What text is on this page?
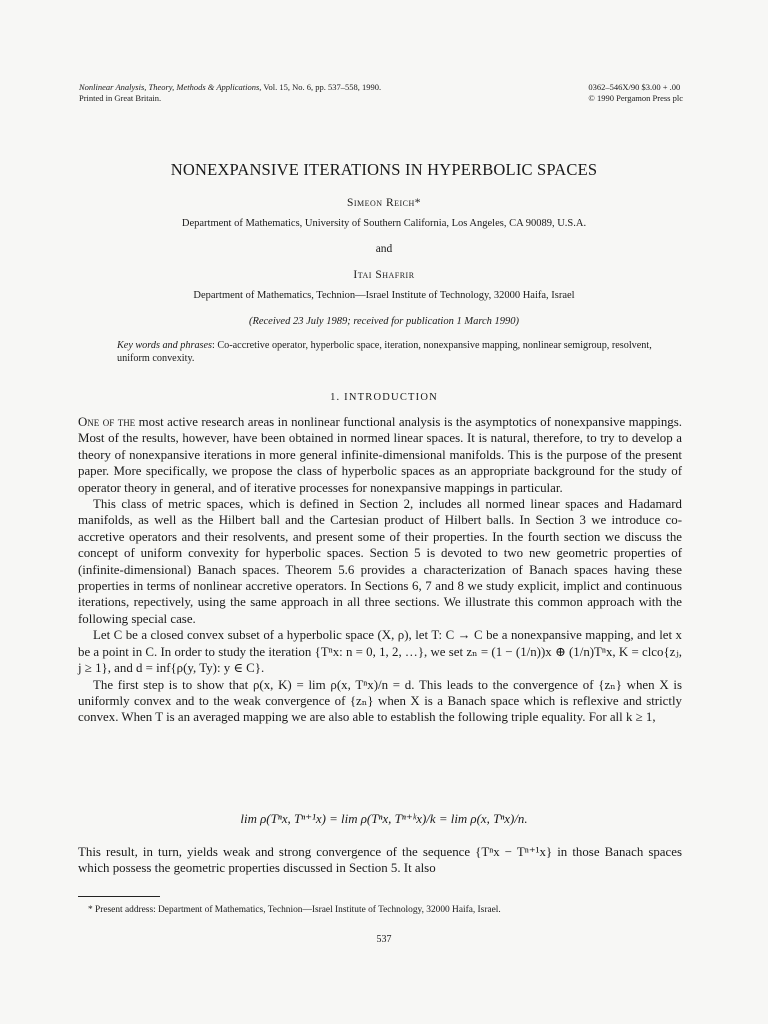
Nonlinear Analysis, Theory, Methods & Applications, Vol. 15, No. 6, pp. 537–558, 1990.
Printed in Great Britain.
0362–546X/90 $3.00 + .00
© 1990 Pergamon Press plc
NONEXPANSIVE ITERATIONS IN HYPERBOLIC SPACES
Simeon Reich*
Department of Mathematics, University of Southern California, Los Angeles, CA 90089, U.S.A.
and
Itai Shafrir
Department of Mathematics, Technion—Israel Institute of Technology, 32000 Haifa, Israel
(Received 23 July 1989; received for publication 1 March 1990)
Key words and phrases: Co-accretive operator, hyperbolic space, iteration, nonexpansive mapping, nonlinear semigroup, resolvent, uniform convexity.
1. INTRODUCTION

One of the most active research areas in nonlinear functional analysis is the asymptotics of nonexpansive mappings. Most of the results, however, have been obtained in normed linear spaces. It is natural, therefore, to try to develop a theory of nonexpansive iterations in more general infinite-dimensional manifolds. This is the purpose of the present paper. More specifically, we propose the class of hyperbolic spaces as an appropriate background for the study of operator theory in general, and of iterative processes for nonexpansive mappings in particular.

This class of metric spaces, which is defined in Section 2, includes all normed linear spaces and Hadamard manifolds, as well as the Hilbert ball and the Cartesian product of Hilbert balls. In Section 3 we introduce co-accretive operators and their resolvents, and present some of their properties. In the fourth section we discuss the concept of uniform convexity for hyperbolic spaces. Section 5 is devoted to two new geometric properties of (infinite-dimensional) Banach spaces. Theorem 5.6 provides a characterization of Banach spaces having these properties in terms of nonlinear accretive operators. In Sections 6, 7 and 8 we study explicit, implict and continuous iterations, repectively, using the same approach in all three sections. We illustrate this common approach with the following special case.

Let C be a closed convex subset of a hyperbolic space (X, ρ), let T: C → C be a nonexpansive mapping, and let x be a point in C. In order to study the iteration {Tⁿx: n = 0, 1, 2, …}, we set zₙ = (1 − (1/n))x ⊕ (1/n)Tⁿx, K = clco{zⱼ, j ≥ 1}, and d = inf{ρ(y, Ty): y ∈ C}.

The first step is to show that ρ(x, K) = lim ρ(x, Tⁿx)/n = d. This leads to the convergence of {zₙ} when X is uniformly convex and to the weak convergence of {zₙ} when X is a Banach space which is reflexive and strictly convex. When T is an averaged mapping we are also able to establish the following triple equality. For all k ≥ 1,

lim ρ(Tⁿx, Tⁿ⁺¹x) = lim ρ(Tⁿx, Tⁿ⁺ᵏx)/k = lim ρ(x, Tⁿx)/n.
This result, in turn, yields weak and strong convergence of the sequence {Tⁿx − Tⁿ⁺¹x} in those Banach spaces which possess the geometric properties discussed in Section 5. It also
* Present address: Department of Mathematics, Technion—Israel Institute of Technology, 32000 Haifa, Israel.
537
